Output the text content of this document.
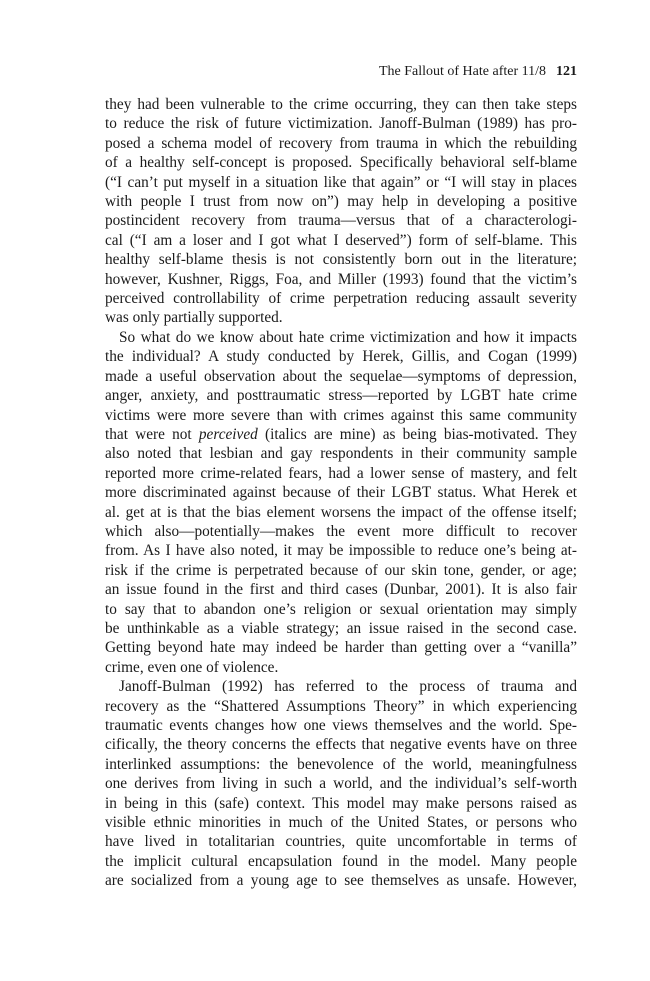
The Fallout of Hate after 11/8 121
they had been vulnerable to the crime occurring, they can then take steps
to reduce the risk of future victimization. Janoff-Bulman (1989) has pro-
posed a schema model of recovery from trauma in which the rebuilding
of a healthy self-concept is proposed. Specifically behavioral self-blame
(“I can’t put myself in a situation like that again” or “I will stay in places
with people I trust from now on”) may help in developing a positive
postincident recovery from trauma—versus that of a characterologi-
cal (“I am a loser and I got what I deserved”) form of self-blame. This
healthy self-blame thesis is not consistently born out in the literature;
however, Kushner, Riggs, Foa, and Miller (1993) found that the victim’s
perceived controllability of crime perpetration reducing assault severity
was only partially supported.
So what do we know about hate crime victimization and how it impacts
the individual? A study conducted by Herek, Gillis, and Cogan (1999)
made a useful observation about the sequelae—symptoms of depression,
anger, anxiety, and posttraumatic stress—reported by LGBT hate crime
victims were more severe than with crimes against this same community
that were not perceived (italics are mine) as being bias-motivated. They
also noted that lesbian and gay respondents in their community sample
reported more crime-related fears, had a lower sense of mastery, and felt
more discriminated against because of their LGBT status. What Herek et
al. get at is that the bias element worsens the impact of the offense itself;
which also—potentially—makes the event more difficult to recover
from. As I have also noted, it may be impossible to reduce one’s being at-
risk if the crime is perpetrated because of our skin tone, gender, or age;
an issue found in the first and third cases (Dunbar, 2001). It is also fair
to say that to abandon one’s religion or sexual orientation may simply
be unthinkable as a viable strategy; an issue raised in the second case.
Getting beyond hate may indeed be harder than getting over a “vanilla”
crime, even one of violence.
Janoff-Bulman (1992) has referred to the process of trauma and
recovery as the “Shattered Assumptions Theory” in which experiencing
traumatic events changes how one views themselves and the world. Spe-
cifically, the theory concerns the effects that negative events have on three
interlinked assumptions: the benevolence of the world, meaningfulness
one derives from living in such a world, and the individual’s self-worth
in being in this (safe) context. This model may make persons raised as
visible ethnic minorities in much of the United States, or persons who
have lived in totalitarian countries, quite uncomfortable in terms of
the implicit cultural encapsulation found in the model. Many people
are socialized from a young age to see themselves as unsafe. However,
